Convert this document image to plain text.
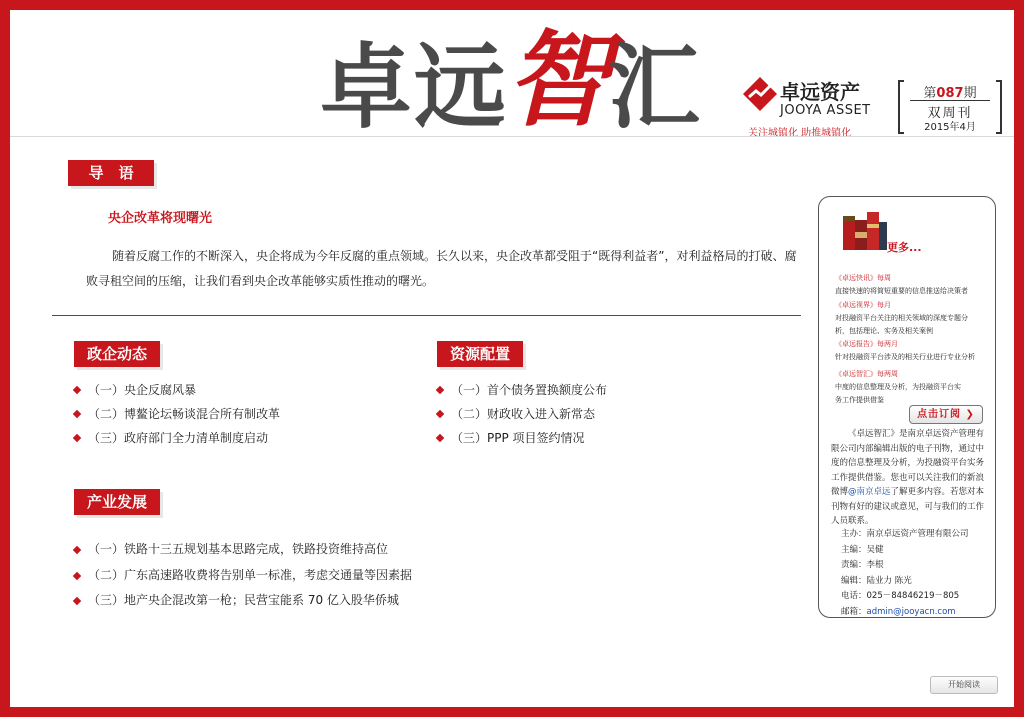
卓 远 智
汇	卓远资产
JOOYA ASSET
关注城镇化 助推城镇化
第087期
双周刊
2015年4月
导　语
央企改革将现曙光
随着反腐工作的不断深入，央企将成为今年反腐的重点领域。长久以来，央企改革都受阻于“既得利益者”，对利益格局的打破、腐败寻租空间的压缩，让我们看到央企改革能够实质性推动的曙光。
政企动态
（一）央企反腐风暴
（二）博鳌论坛畅谈混合所有制改革
（三）政府部门全力清单制度启动
资源配置
（一）首个债务置换额度公布
（二）财政收入进入新常态
（三）PPP 项目签约情况
产业发展
（一）铁路十三五规划基本思路完成，铁路投资维持高位
（二）广东高速路收费将告别单一标准，考虑交通量等因素据
（三）地产央企混改第一枪；民营宝能系 70 亿入股华侨城
更多...
《卓远快讯》每周
直接快速的将简短重要的信息推送给决策者
《卓远视界》每月
对投融资平台关注的相关领域的深度专题分
析，包括理论、实务及相关案例
《卓远报告》每两月
针对投融资平台涉及的相关行业进行专业分析
《卓远智汇》每两周
中度的信息整理及分析，为投融资平台实
务工作提供借鉴
点击订阅 ❯
《卓远智汇》是南京卓远资产管理有限公司内部编辑出版的电子刊物，通过中度的信息整理及分析，为投融资平台实务工作提供借鉴。您也可以关注我们的新浪微博@南京卓远了解更多内容。若您对本刊物有好的建议或意见，可与我们的工作人员联系。
主办：南京卓远资产管理有限公司
主编：吴健
责编：李根
编辑：陆业力 陈光
电话：025－84846219－805
邮箱：admin@jooyacn.com
开始阅读
